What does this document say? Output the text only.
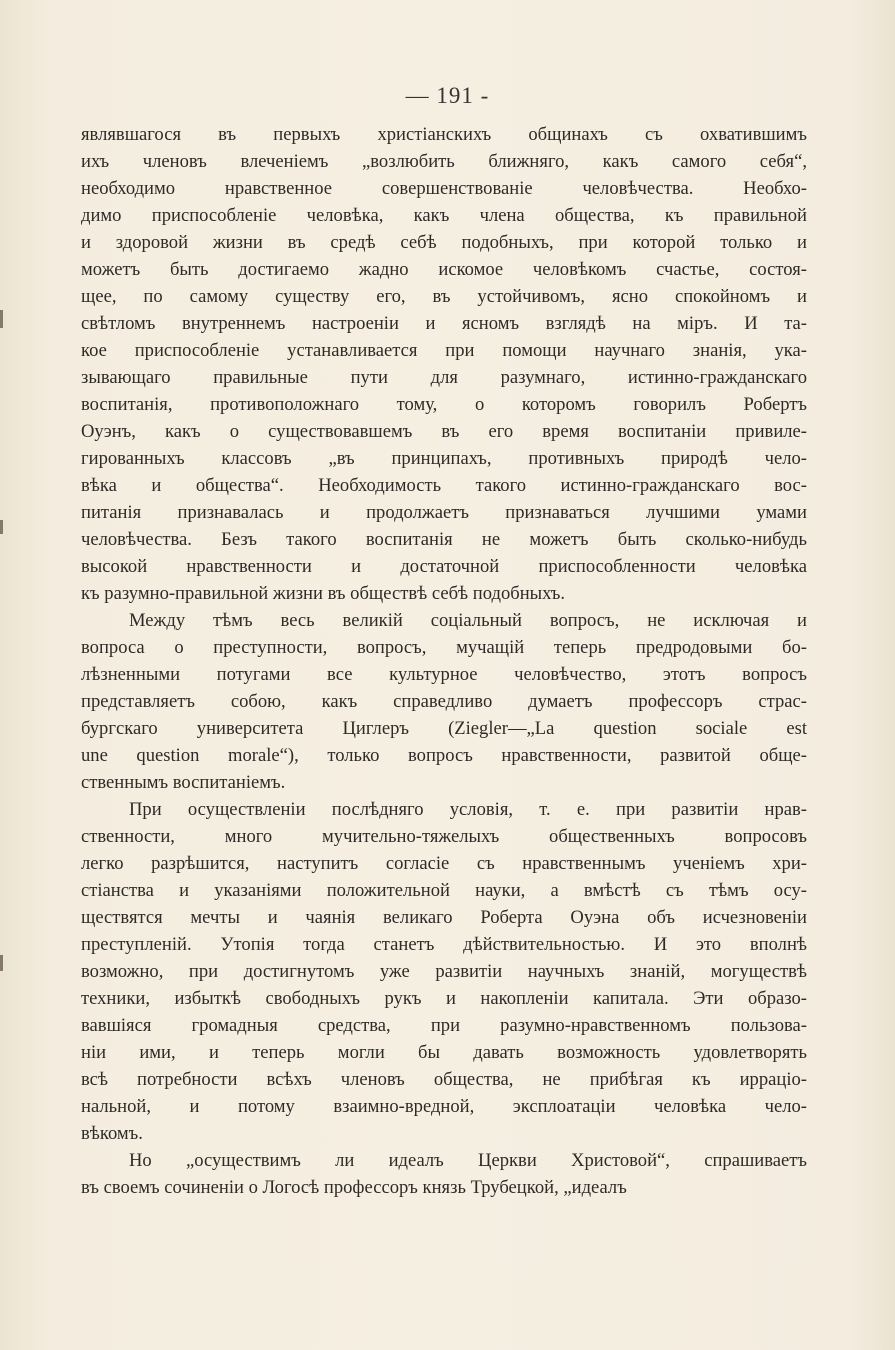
— 191 -
являвшагося въ первыхъ христіанскихъ общинахъ съ охватившимъ
ихъ членовъ влеченіемъ „возлюбить ближняго, какъ самого себя“,
необходимо нравственное совершенствованіе человѣчества. Необхо-
димо приспособленіе человѣка, какъ члена общества, къ правильной
и здоровой жизни въ средѣ себѣ подобныхъ, при которой только и
можетъ быть достигаемо жадно искомое человѣкомъ счастье, состоя-
щее, по самому существу его, въ устойчивомъ, ясно спокойномъ и
свѣтломъ внутреннемъ настроеніи и ясномъ взглядѣ на міръ. И та-
кое приспособленіе устанавливается при помощи научнаго знанія, ука-
зывающаго правильные пути для разумнаго, истинно-гражданскаго
воспитанія, противоположнаго тому, о которомъ говорилъ Робертъ
Оуэнъ, какъ о существовавшемъ въ его время воспитаніи привиле-
гированныхъ классовъ „въ принципахъ, противныхъ природѣ чело-
вѣка и общества“. Необходимость такого истинно-гражданскаго вос-
питанія признавалась и продолжаетъ признаваться лучшими умами
человѣчества. Безъ такого воспитанія не можетъ быть сколько-нибудь
высокой нравственности и достаточной приспособленности человѣка
къ разумно-правильной жизни въ обществѣ себѣ подобныхъ.
Между тѣмъ весь великій соціальный вопросъ, не исключая и
вопроса о преступности, вопросъ, мучащій теперь предродовыми бо-
лѣзненными потугами все культурное человѣчество, этотъ вопросъ
представляетъ собою, какъ справедливо думаетъ профессоръ страс-
бургскаго университета Циглеръ (Ziegler—„La question sociale est
une question morale“), только вопросъ нравственности, развитой обще-
ственнымъ воспитаніемъ.
При осуществленіи послѣдняго условія, т. е. при развитіи нрав-
ственности, много мучительно-тяжелыхъ общественныхъ вопросовъ
легко разрѣшится, наступитъ согласіе съ нравственнымъ ученіемъ хри-
стіанства и указаніями положительной науки, а вмѣстѣ съ тѣмъ осу-
ществятся мечты и чаянія великаго Роберта Оуэна объ исчезновеніи
преступленій. Утопія тогда станетъ дѣйствительностью. И это вполнѣ
возможно, при достигнутомъ уже развитіи научныхъ знаній, могуществѣ
техники, избыткѣ свободныхъ рукъ и накопленіи капитала. Эти образо-
вавшіяся громадныя средства, при разумно-нравственномъ пользова-
ніи ими, и теперь могли бы давать возможность удовлетворять
всѣ потребности всѣхъ членовъ общества, не прибѣгая къ ирраціо-
нальной, и потому взаимно-вредной, эксплоатаціи человѣка чело-
вѣкомъ.
Но „осуществимъ ли идеалъ Церкви Христовой“, спрашиваетъ
въ своемъ сочиненіи о Логосѣ профессоръ князь Трубецкой, „идеалъ
